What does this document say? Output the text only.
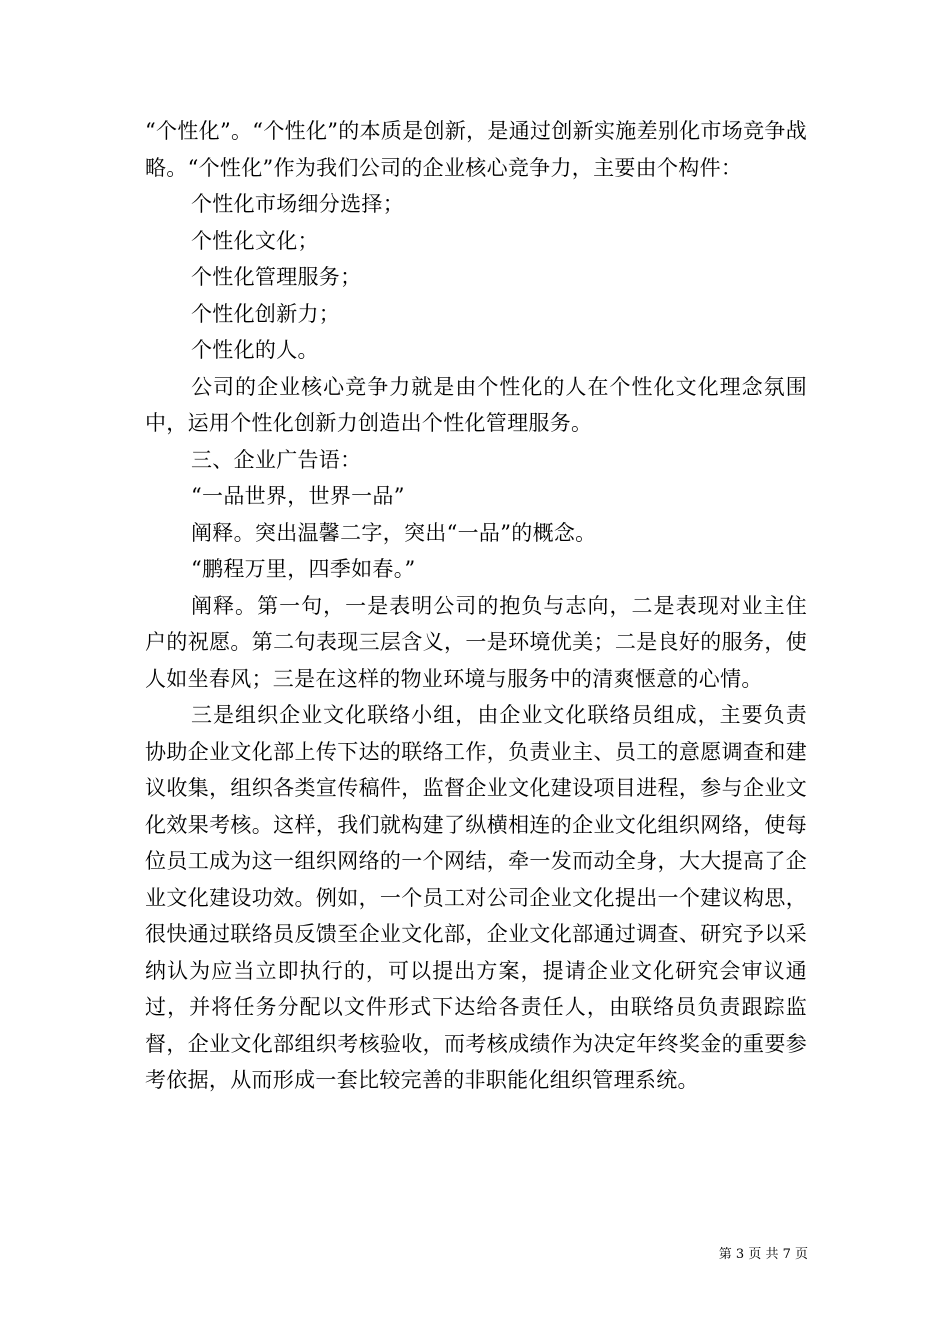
“个性化”。“个性化”的本质是创新，是通过创新实施差别化市场竞争战略。“个性化”作为我们公司的企业核心竞争力，主要由个构件：

个性化市场细分选择；

个性化文化；

个性化管理服务；

个性化创新力；

个性化的人。

公司的企业核心竞争力就是由个性化的人在个性化文化理念氛围中，运用个性化创新力创造出个性化管理服务。

三、企业广告语：

“一品世界，世界一品”

阐释。突出温馨二字，突出“一品”的概念。

“鹏程万里，四季如春。”

阐释。第一句，一是表明公司的抱负与志向，二是表现对业主住户的祝愿。第二句表现三层含义，一是环境优美；二是良好的服务，使人如坐春风；三是在这样的物业环境与服务中的清爽惬意的心情。

三是组织企业文化联络小组，由企业文化联络员组成，主要负责协助企业文化部上传下达的联络工作，负责业主、员工的意愿调查和建议收集，组织各类宣传稿件，监督企业文化建设项目进程，参与企业文化效果考核。这样，我们就构建了纵横相连的企业文化组织网络，使每位员工成为这一组织网络的一个网结，牵一发而动全身，大大提高了企业文化建设功效。例如，一个员工对公司企业文化提出一个建议构思，很快通过联络员反馈至企业文化部，企业文化部通过调查、研究予以采纳认为应当立即执行的，可以提出方案，提请企业文化研究会审议通过，并将任务分配以文件形式下达给各责任人，由联络员负责跟踪监督，企业文化部组织考核验收，而考核成绩作为决定年终奖金的重要参考依据，从而形成一套比较完善的非职能化组织管理系统。

第 3 页 共 7 页
